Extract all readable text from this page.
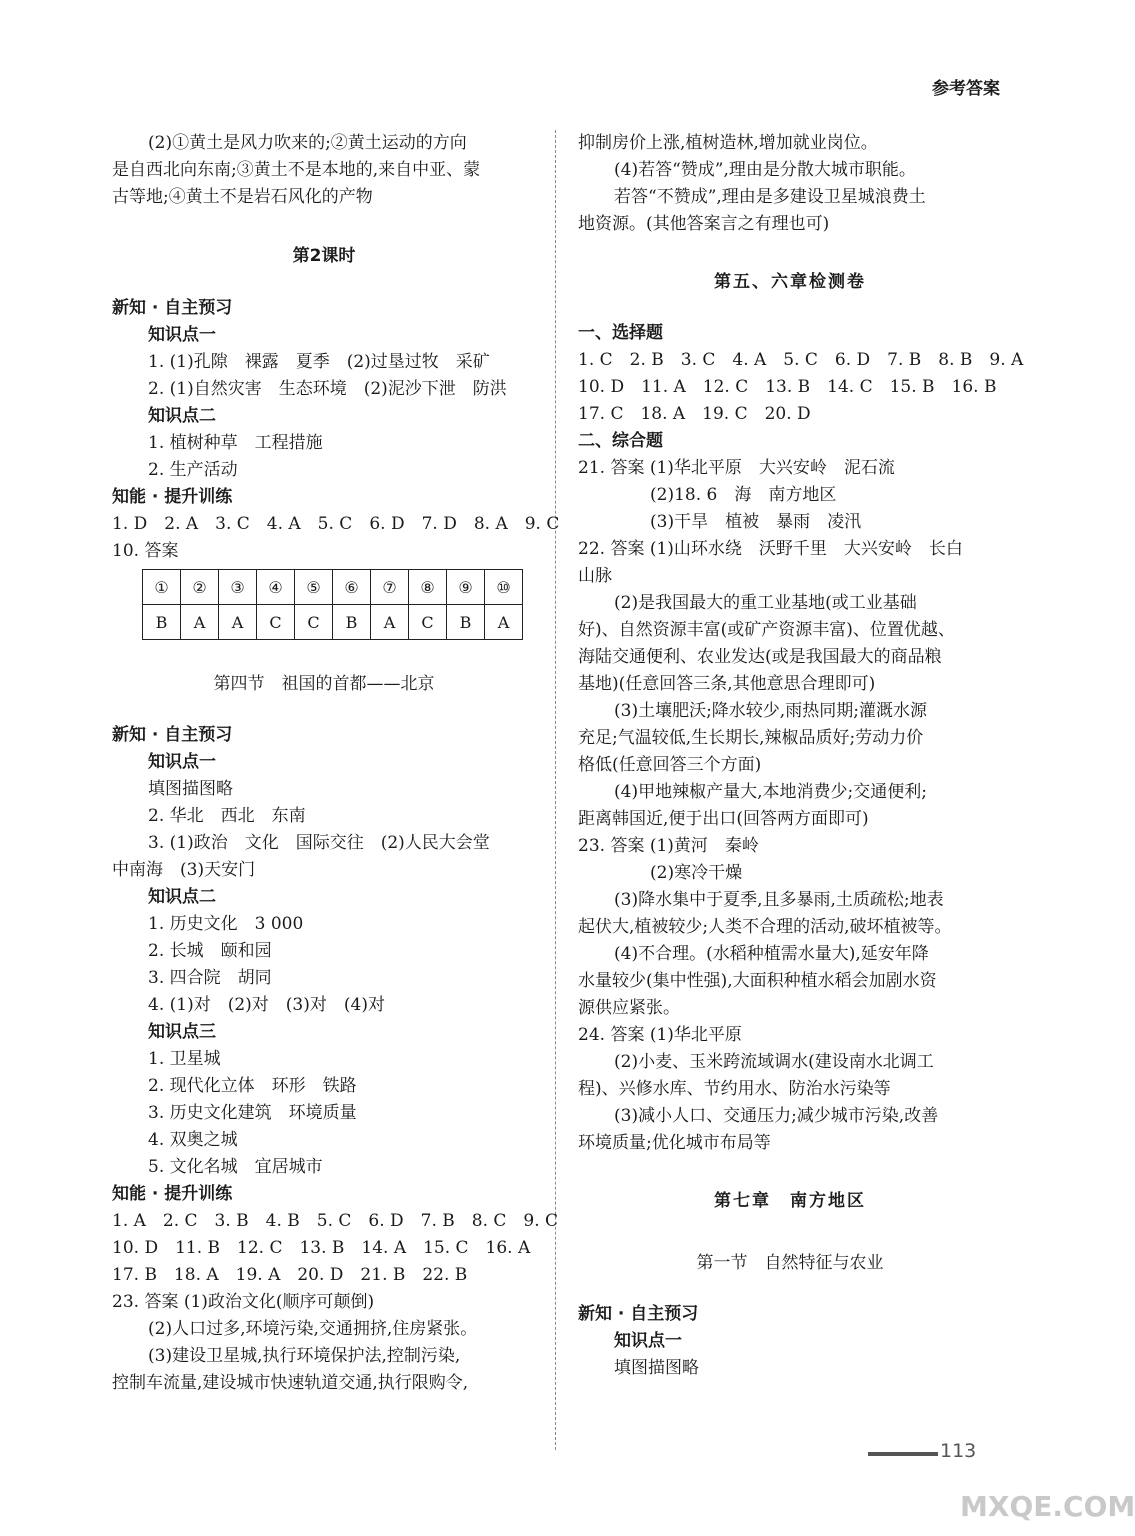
参考答案
(2)①黄土是风力吹来的;②黄土运动的方向
是自西北向东南;③黄土不是本地的,来自中亚、蒙
古等地;④黄土不是岩石风化的产物
第2课时
新知 · 自主预习
知识点一
1. (1)孔隙　裸露　夏季　(2)过垦过牧　采矿
2. (1)自然灾害　生态环境　(2)泥沙下泄　防洪
知识点二
1. 植树种草　工程措施
2. 生产活动
知能 · 提升训练
1. D　2. A　3. C　4. A　5. C　6. D　7. D　8. A　9. C
10. 答案
①	②	③	④	⑤	⑥	⑦	⑧	⑨	⑩
B	A	A	C	C	B	A	C	B	A
第四节　祖国的首都——北京
新知 · 自主预习
知识点一
填图描图略
2. 华北　西北　东南
3. (1)政治　文化　国际交往　(2)人民大会堂
中南海　(3)天安门
知识点二
1. 历史文化　3 000
2. 长城　颐和园
3. 四合院　胡同
4. (1)对　(2)对　(3)对　(4)对
知识点三
1. 卫星城
2. 现代化立体　环形　铁路
3. 历史文化建筑　环境质量
4. 双奥之城
5. 文化名城　宜居城市
知能 · 提升训练
1. A　2. C　3. B　4. B　5. C　6. D　7. B　8. C　9. C
10. D　11. B　12. C　13. B　14. A　15. C　16. A
17. B　18. A　19. A　20. D　21. B　22. B
23. 答案 (1)政治文化(顺序可颠倒)
(2)人口过多,环境污染,交通拥挤,住房紧张。
(3)建设卫星城,执行环境保护法,控制污染,
控制车流量,建设城市快速轨道交通,执行限购令,
抑制房价上涨,植树造林,增加就业岗位。
(4)若答“赞成”,理由是分散大城市职能。
若答“不赞成”,理由是多建设卫星城浪费土
地资源。(其他答案言之有理也可)
第五、六章检测卷
一、选择题
1. C　2. B　3. C　4. A　5. C　6. D　7. B　8. B　9. A
10. D　11. A　12. C　13. B　14. C　15. B　16. B
17. C　18. A　19. C　20. D
二、综合题
21. 答案 (1)华北平原　大兴安岭　泥石流
(2)18. 6　海　南方地区
(3)干旱　植被　暴雨　凌汛
22. 答案 (1)山环水绕　沃野千里　大兴安岭　长白
山脉
(2)是我国最大的重工业基地(或工业基础
好)、自然资源丰富(或矿产资源丰富)、位置优越、
海陆交通便利、农业发达(或是我国最大的商品粮
基地)(任意回答三条,其他意思合理即可)
(3)土壤肥沃;降水较少,雨热同期;灌溉水源
充足;气温较低,生长期长,辣椒品质好;劳动力价
格低(任意回答三个方面)
(4)甲地辣椒产量大,本地消费少;交通便利;
距离韩国近,便于出口(回答两方面即可)
23. 答案 (1)黄河　秦岭
(2)寒冷干燥
(3)降水集中于夏季,且多暴雨,土质疏松;地表
起伏大,植被较少;人类不合理的活动,破坏植被等。
(4)不合理。(水稻种植需水量大),延安年降
水量较少(集中性强),大面积种植水稻会加剧水资
源供应紧张。
24. 答案 (1)华北平原
(2)小麦、玉米跨流域调水(建设南水北调工
程)、兴修水库、节约用水、防治水污染等
(3)减小人口、交通压力;减少城市污染,改善
环境质量;优化城市布局等
第七章　南方地区
第一节　自然特征与农业
新知 · 自主预习
知识点一
填图描图略
113
MXQE.COM
